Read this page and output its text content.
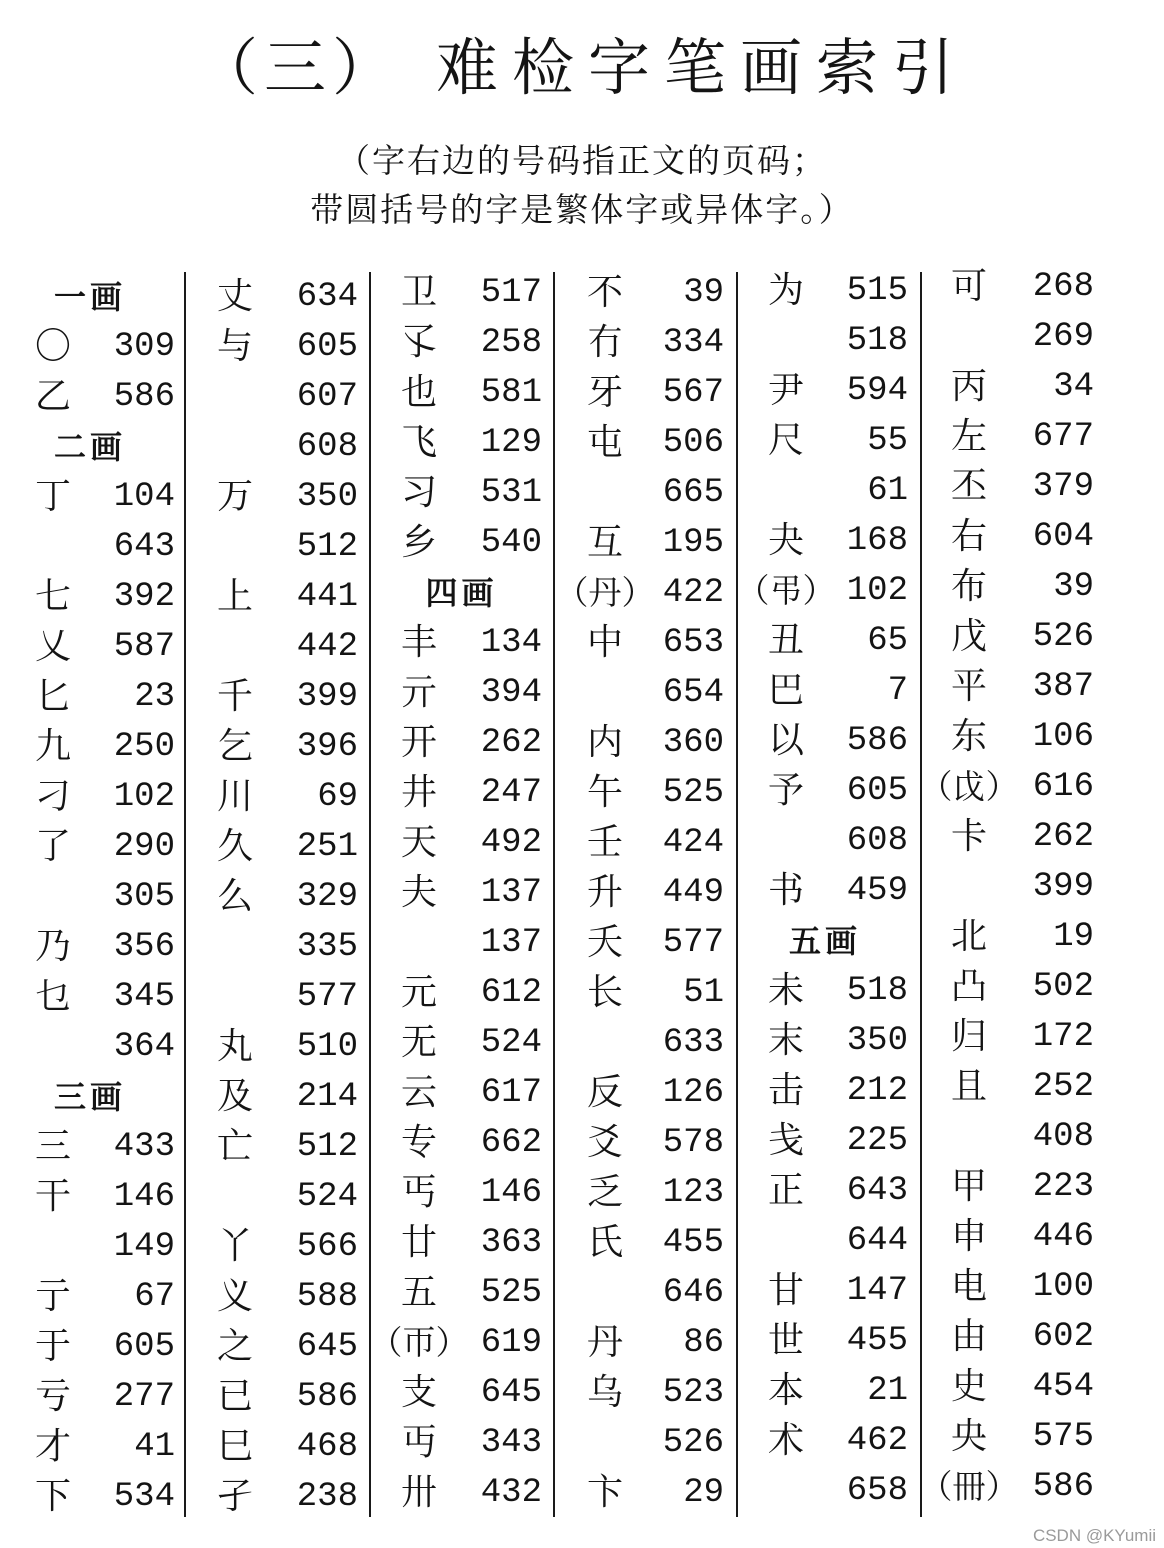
（三） 难检字笔画索引
（字右边的号码指正文的页码；
带圆括号的字是繁体字或异体字。）
一画
〇	309
乙	586
二画
丁	104
643
七	392
乂	587
匕	23
九	250
刁	102
了	290
305
乃	356
乜	345
364
三画
三	433
干	146
149
亍	67
于	605
亏	277
才	41
下	534
丈	634
与	605
607
608
万	350
512
上	441
442
千	399
乞	396
川	69
久	251
么	329
335
577
丸	510
及	214
亡	512
524
丫	566
义	588
之	645
已	586
巳	468
孑	238
卫	517
孓	258
也	581
飞	129
习	531
乡	540
四画
丰	134
亓	394
开	262
井	247
天	492
夫	137
137
元	612
无	524
云	617
专	662
丐	146
廿	363
五	525
（帀） 619
支	645
丏	343
卅	432
不	39
冇	334
牙	567
屯	506
665
互	195
（丹） 422
中	653
654
内	360
午	525
壬	424
升	449
夭	577
长	51
633
反	126
爻	578
乏	123
氏	455
646
丹	86
乌	523
526
卞	29
为	515
518
尹	594
尺	55
61
夬	168
（弔） 102
丑	65
巴	7
以	586
予	605
608
书	459
五画
未	518
末	350
击	212
戋	225
正	643
644
甘	147
世	455
本	21
术	462
658
可	268
269
丙	34
左	677
丕	379
右	604
布	39
戊	526
平	387
东	106
（戉） 616
卡	262
399
北	19
凸	502
归	172
且	252
408
甲	223
申	446
电	100
由	602
史	454
央	575
（冊） 586
CSDN @KYumii
